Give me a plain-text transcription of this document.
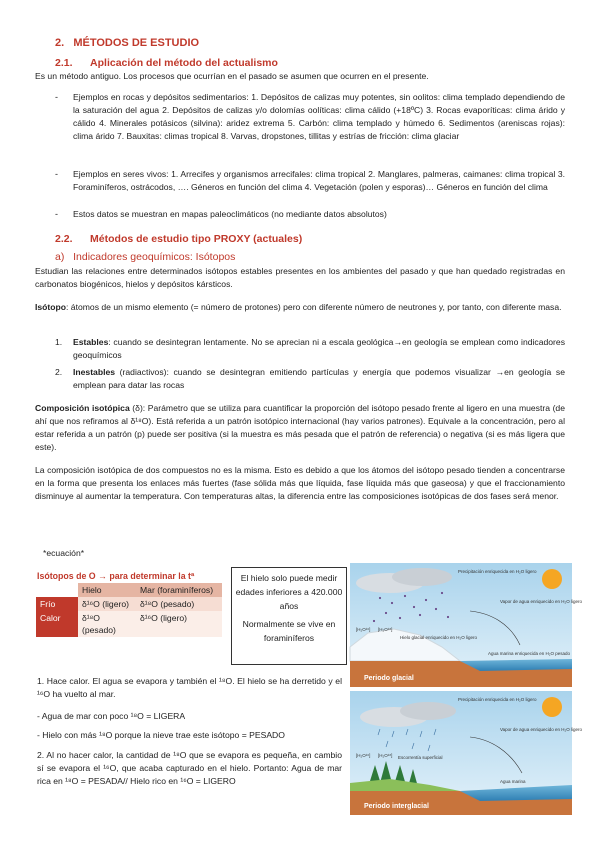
2. MÉTODOS DE ESTUDIO
2.1. Aplicación del método del actualismo
Es un método antiguo. Los procesos que ocurrían en el pasado se asumen que ocurren en el presente.
- Ejemplos en rocas y depósitos sedimentarios: 1. Depósitos de calizas muy potentes, sin oolitos: clima templado dependiendo de la saturación del agua 2. Depósitos de calizas y/o dolomías oolíticas: clima cálido (+18ºC) 3. Rocas evaporíticas: clima árido y cálido 4. Minerales potásicos (silvina): aridez extrema 5. Carbón: clima templado y húmedo 6. Sedimentos (areniscas rojas): clima árido 7. Bauxitas: climas tropical 8. Varvas, dropstones, tillitas y estrías de fricción: clima glaciar
- Ejemplos en seres vivos: 1. Arrecifes y organismos arrecifales: clima tropical 2. Manglares, palmeras, caimanes: clima tropical 3. Foraminíferos, ostrácodos, …. Géneros en función del clima 4. Vegetación (polen y esporas)… Géneros en función del clima
- Estos datos se muestran en mapas paleoclimáticos (no mediante datos absolutos)
2.2. Métodos de estudio tipo PROXY (actuales)
a) Indicadores geoquímicos: Isótopos
Estudian las relaciones entre determinados isótopos estables presentes en los ambientes del pasado y que han quedado registradas en carbonatos biogénicos, hielos y depósitos kársticos.
Isótopo: átomos de un mismo elemento (= número de protones) pero con diferente número de neutrones y, por tanto, con diferente masa.
1. Estables: cuando se desintegran lentamente. No se aprecian ni a escala geológica→en geología se emplean como indicadores geoquímicos
2. Inestables (radiactivos): cuando se desintegran emitiendo partículas y energía que podemos visualizar →en geología se emplean para datar las rocas
Composición isotópica (δ): Parámetro que se utiliza para cuantificar la proporción del isótopo pesado frente al ligero en una muestra (de ahí que nos refiramos al δ¹⁸O). Está referida a un patrón isotópico internacional (hay varios patrones). Equivale a la concentración, pero al estar referida a un patrón (p) puede ser positiva (si la muestra es más pesada que el patrón de referencia) o negativa (si es más ligera que este).
La composición isotópica de dos compuestos no es la misma. Esto es debido a que los átomos del isótopo pesado tienden a concentrarse en la forma que presenta los enlaces más fuertes (fase sólida más que líquida, fase líquida más que gaseosa) y que el fraccionamiento disminuye al aumentar la temperatura. Con temperaturas altas, la diferencia entre las composiciones isotópicas de dos fases será menor.
*ecuación*
Isótopos de O → para determinar la tª
	Hielo	Mar (foraminíferos)
Frío	δ¹⁶O (ligero)	δ¹⁸O (pesado)
Calor	δ¹⁸O (pesado)	δ¹⁶O (ligero)
El hielo solo puede medir edades inferiores a 420.000 años
Normalmente se vive en foraminíferos
1. Hace calor. El agua se evapora y también el ¹⁸O. El hielo se ha derretido y el ¹⁶O ha vuelto al mar.
- Agua de mar con poco ¹⁸O = LIGERA
- Hielo con más ¹⁸O porque la nieve trae este isótopo = PESADO
2. Al no hacer calor, la cantidad de ¹⁸O que se evapora es pequeña, en cambio sí se evapora el ¹⁶O, que acaba capturado en el hielo. Portanto: Agua de mar rica en ¹⁸O = PESADA// Hielo rico en ¹⁶O = LIGERO
Precipitación enriquecida en H₂O ligero
Vapor de agua enriquecido en H₂O ligero
Hielo glacial enriquecido en H₂O ligero
Agua marina enriquecida en H₂O pesado
[H₂O¹⁶] [H₂O¹⁸]
Periodo glacial
Precipitación enriquecida en H₂O ligero
Vapor de agua enriquecido en H₂O ligero
Escorrentía superficial
Agua marina
[H₂O¹⁶] [H₂O¹⁸]
Periodo interglacial
